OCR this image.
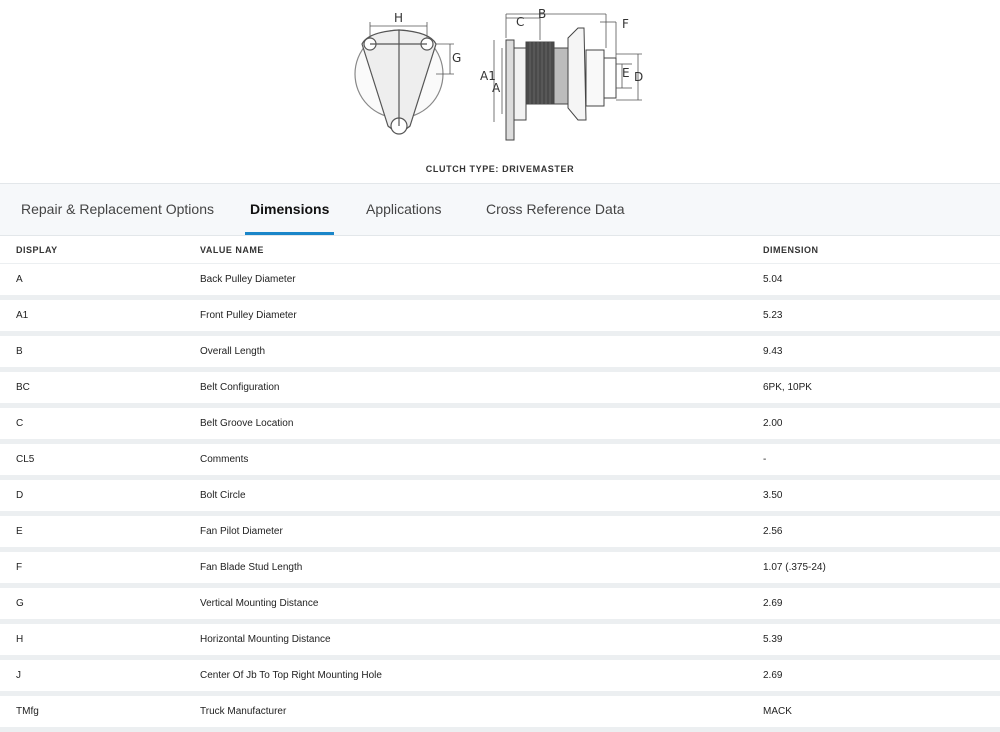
H
G
C
B
F
A1
A
E D
CLUTCH TYPE: DRIVEMASTER
Repair & Replacement Options	Dimensions	Applications	Cross Reference Data
DISPLAY	VALUE NAME	DIMENSION
A	Back Pulley Diameter	5.04
A1	Front Pulley Diameter	5.23
B	Overall Length	9.43
BC	Belt Configuration	6PK, 10PK
C	Belt Groove Location	2.00
CL5	Comments	-
D	Bolt Circle	3.50
E	Fan Pilot Diameter	2.56
F	Fan Blade Stud Length	1.07 (.375-24)
G	Vertical Mounting Distance	2.69
H	Horizontal Mounting Distance	5.39
J	Center Of Jb To Top Right Mounting Hole	2.69
TMfg	Truck Manufacturer	MACK
